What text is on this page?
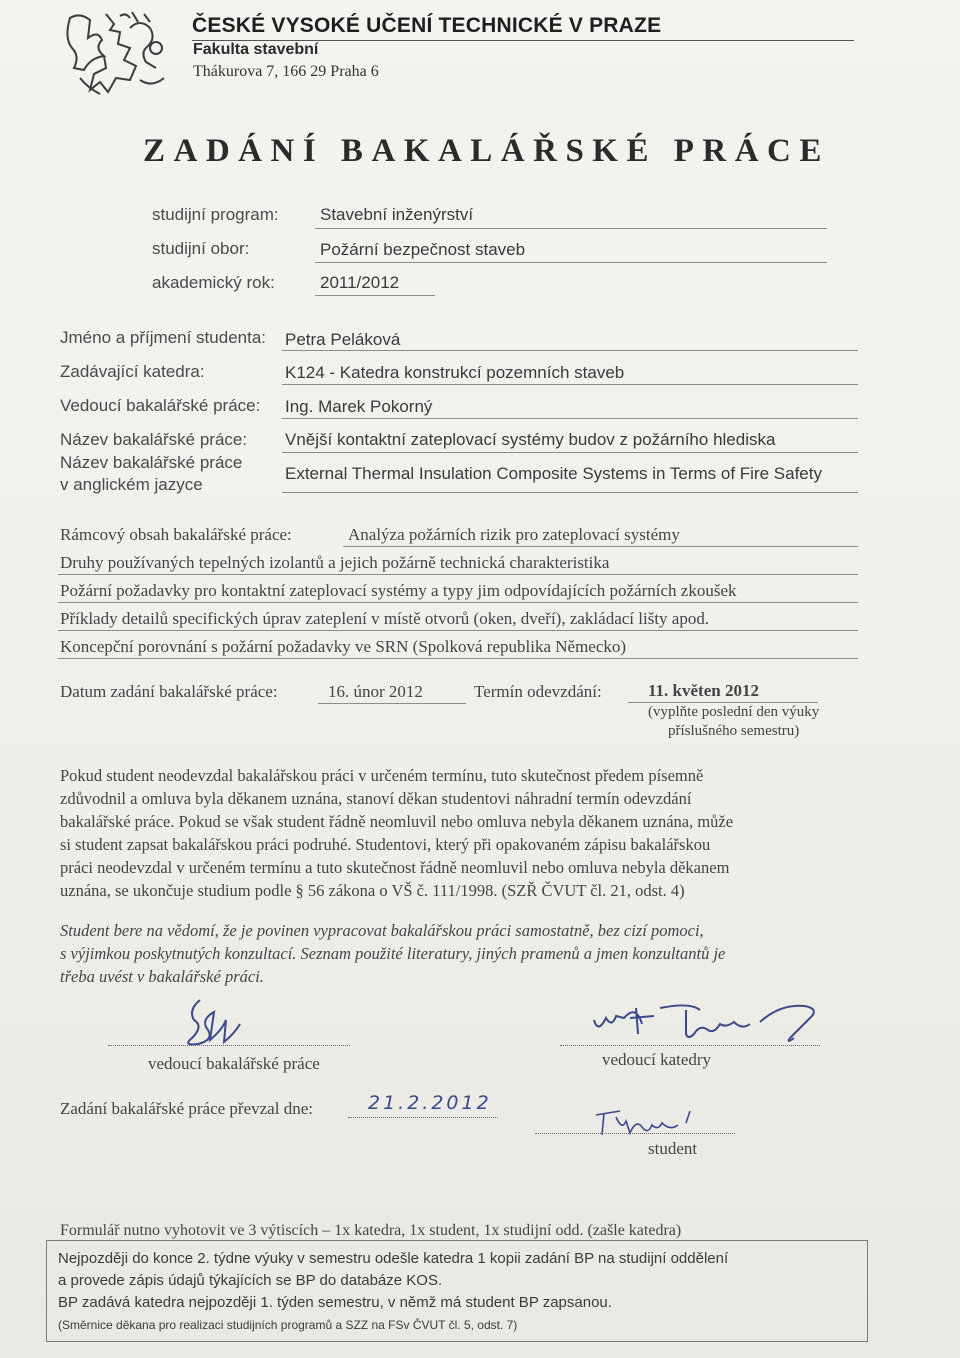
ČESKÉ VYSOKÉ UČENÍ TECHNICKÉ V PRAZE
Fakulta stavební
Thákurova 7, 166 29 Praha 6
ZADÁNÍ BAKALÁŘSKÉ PRÁCE
studijní program: Stavební inženýrství
studijní obor:	Požární bezpečnost staveb
akademický rok:	2011/2012
Jméno a příjmení studenta: Petra Peláková
Zadávající katedra:	K124 - Katedra konstrukcí pozemních staveb
Vedoucí bakalářské práce: Ing. Marek Pokorný
Název bakalářské práce: Vnější kontaktní zateplovací systémy budov z požárního hlediska
Název bakalářské práce
v anglickém jazyce
External Thermal Insulation Composite Systems in Terms of Fire Safety
Rámcový obsah bakalářské práce:	Analýza požárních rizik pro zateplovací systémy
Druhy používaných tepelných izolantů a jejich požárně technická charakteristika
Požární požadavky pro kontaktní zateplovací systémy a typy jim odpovídajících požárních zkoušek
Příklady detailů specifických úprav zateplení v místě otvorů (oken, dveří), zakládací lišty apod.
Koncepční porovnání s požární požadavky ve SRN (Spolková republika Německo)
Datum zadání bakalářské práce:	16. únor 2012	Termín odevzdání:	11. květen 2012
(vyplňte poslední den výuky
příslušného semestru)
Pokud student neodevzdal bakalářskou práci v určeném termínu, tuto skutečnost předem písemně
zdůvodnil a omluva byla děkanem uznána, stanoví děkan studentovi náhradní termín odevzdání
bakalářské práce. Pokud se však student řádně neomluvil nebo omluva nebyla děkanem uznána, může
si student zapsat bakalářskou práci podruhé. Studentovi, který při opakovaném zápisu bakalářskou
práci neodevzdal v určeném termínu a tuto skutečnost řádně neomluvil nebo omluva nebyla děkanem
uznána, se ukončuje studium podle § 56 zákona o VŠ č. 111/1998. (SZŘ ČVUT čl. 21, odst. 4)
Student bere na vědomí, že je povinen vypracovat bakalářskou práci samostatně, bez cizí pomoci,
s výjimkou poskytnutých konzultací. Seznam použité literatury, jiných pramenů a jmen konzultantů je
třeba uvést v bakalářské práci.
vedoucí bakalářské práce	vedoucí katedry
Zadání bakalářské práce převzal dne:	21.2.2012
student
Formulář nutno vyhotovit ve 3 výtiscích – 1x katedra, 1x student, 1x studijní odd. (zašle katedra)
Nejpozději do konce 2. týdne výuky v semestru odešle katedra 1 kopii zadání BP na studijní oddělení
a provede zápis údajů týkajících se BP do databáze KOS.
BP zadává katedra nejpozději 1. týden semestru, v němž má student BP zapsanou.
(Směrnice děkana pro realizaci studijních programů a SZZ na FSv ČVUT čl. 5, odst. 7)
